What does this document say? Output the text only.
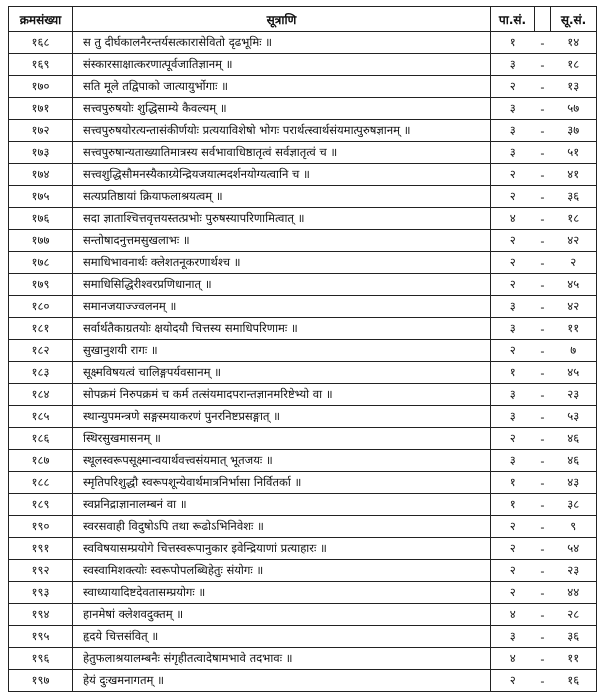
क्रमसंख्या	सूत्राणि	पा.सं.		सू.सं.
१६८	स तु दीर्घकालनैरन्तर्यसत्कारासेवितो दृढभूमिः ॥	१	-	१४
१६९	संस्कारसाक्षात्करणात्पूर्वजातिज्ञानम् ॥	३	-	१८
१७०	सति मूले तद्विपाको जात्यायुर्भोगाः ॥	२	-	१३
१७१	सत्त्वपुरुषयोः शुद्धिसाम्ये कैवल्यम् ॥	३	-	५७
१७२	सत्त्वपुरुषयोरत्यन्तासंकीर्णयोः प्रत्ययाविशेषो भोगः परार्थत्स्वार्थसंयमात्पुरुषज्ञानम् ॥	३	-	३७
१७३	सत्त्वपुरुषान्यताख्यातिमात्रस्य सर्वभावाधिष्ठातृत्वं सर्वज्ञातृत्वं च ॥	३	-	५१
१७४	सत्त्वशुद्धिसौमनस्यैकाग्र्येन्द्रियजयात्मदर्शनयोग्यत्वानि च ॥	२	-	४१
१७५	सत्यप्रतिष्ठायां क्रियाफलाश्रयत्वम् ॥	२	-	३६
१७६	सदा ज्ञाताश्चित्तवृत्तयस्तत्प्रभोः पुरुषस्यापरिणामित्वात् ॥	४	-	१८
१७७	सन्तोषादनुत्तमसुखलाभः ॥	२	-	४२
१७८	समाधिभावनार्थः क्लेशतनूकरणार्थश्च ॥	२	-	२
१७९	समाधिसिद्धिरीश्वरप्रणिधानात् ॥	२	-	४५
१८०	समानजयाज्ज्वलनम् ॥	३	-	४२
१८१	सर्वार्थतैकाग्रतयोः क्षयोदयौ चित्तस्य समाधिपरिणामः ॥	३	-	११
१८२	सुखानुशयी रागः ॥	२	-	७
१८३	सूक्ष्मविषयत्वं चालिङ्गपर्यवसानम् ॥	१	-	४५
१८४	सोपक्रमं निरुपक्रमं च कर्म तत्संयमादपरान्तज्ञानमरिष्टेभ्यो वा ॥	३	-	२३
१८५	स्थान्युपमन्त्रणे सङ्गस्मयाकरणं पुनरनिष्टप्रसङ्गात् ॥	३	-	५३
१८६	स्थिरसुखमासनम् ॥	२	-	४६
१८७	स्थूलस्वरूपसूक्ष्मान्वयार्थवत्त्वसंयमात् भूतजयः ॥	३	-	४६
१८८	स्मृतिपरिशुद्धौ स्वरूपशून्येवार्थमात्रनिर्भासा निर्वितर्का ॥	१	-	४३
१८९	स्वप्ननिद्राज्ञानालम्बनं वा ॥	१	-	३८
१९०	स्वरसवाही विदुषोऽपि तथा रूढोऽभिनिवेशः ॥	२	-	९
१९१	स्वविषयासम्प्रयोगे चित्तस्वरूपानुकार इवेन्द्रियाणां प्रत्याहारः ॥	२	-	५४
१९२	स्वस्वामिशक्त्योः स्वरूपोपलब्धिहेतुः संयोगः ॥	२	-	२३
१९३	स्वाध्यायादिष्टदेवतासम्प्रयोगः ॥	२	-	४४
१९४	हानमेषां क्लेशवदुक्तम् ॥	४	-	२८
१९५	हृदये चित्तसंवित् ॥	३	-	३६
१९६	हेतुफलाश्रयालम्बनैः संगृहीतत्वादेषामभावे तदभावः ॥	४	-	११
१९७	हेयं दुःखमनागतम् ॥	२	-	१६
